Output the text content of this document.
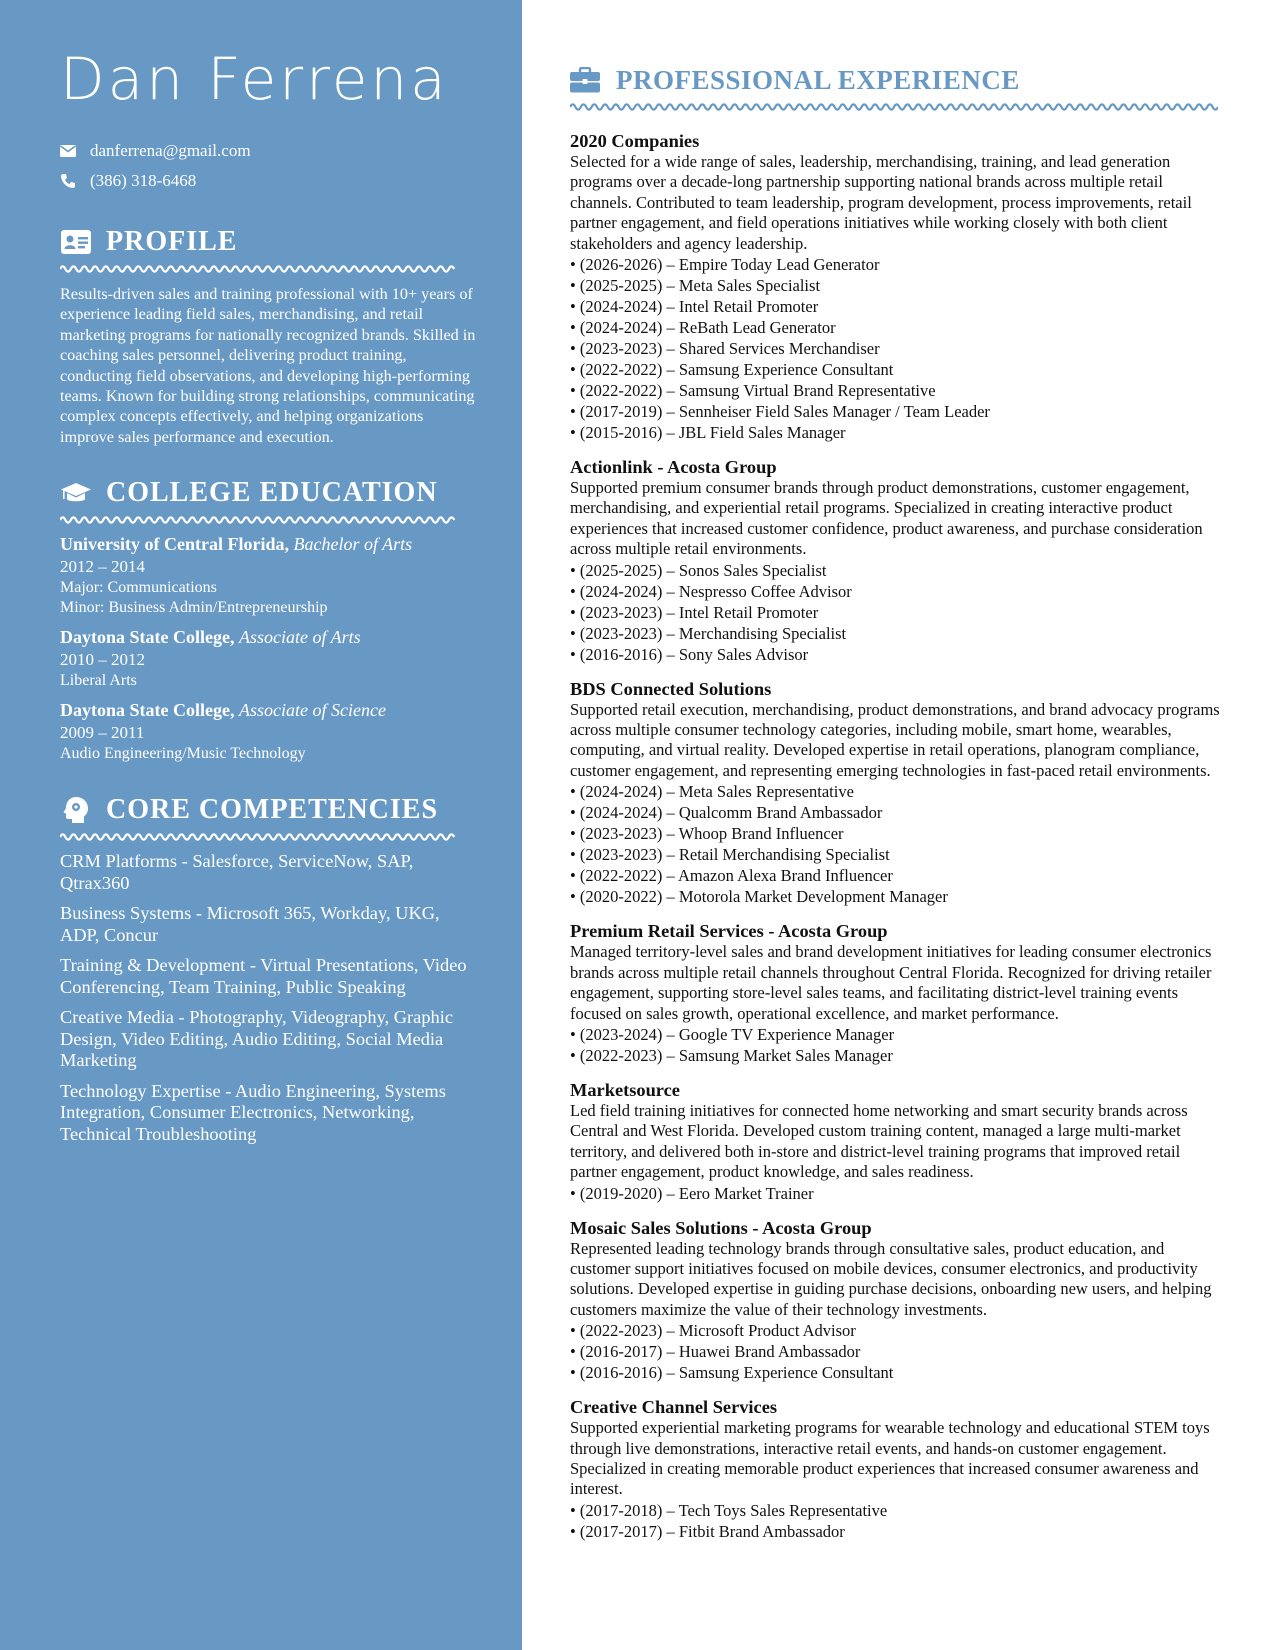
Dan Ferrena
danferrena@gmail.com
(386) 318-6468
PROFILE
Results-driven sales and training professional with 10+ years of experience leading field sales, merchandising, and retail marketing programs for nationally recognized brands. Skilled in coaching sales personnel, delivering product training, conducting field observations, and developing high-performing teams. Known for building strong relationships, communicating complex concepts effectively, and helping organizations improve sales performance and execution.
COLLEGE EDUCATION
University of Central Florida, Bachelor of Arts
2012 – 2014
Major: Communications
Minor: Business Admin/Entrepreneurship
Daytona State College, Associate of Arts
2010 – 2012
Liberal Arts
Daytona State College, Associate of Science
2009 – 2011
Audio Engineering/Music Technology
CORE COMPETENCIES
CRM Platforms - Salesforce, ServiceNow, SAP, Qtrax360
Business Systems - Microsoft 365, Workday, UKG, ADP, Concur
Training & Development - Virtual Presentations, Video Conferencing, Team Training, Public Speaking
Creative Media - Photography, Videography, Graphic Design, Video Editing, Audio Editing, Social Media Marketing
Technology Expertise - Audio Engineering, Systems Integration, Consumer Electronics, Networking, Technical Troubleshooting
PROFESSIONAL EXPERIENCE
2020 Companies
Selected for a wide range of sales, leadership, merchandising, training, and lead generation programs over a decade-long partnership supporting national brands across multiple retail channels. Contributed to team leadership, program development, process improvements, retail partner engagement, and field operations initiatives while working closely with both client stakeholders and agency leadership.
• (2026-2026) – Empire Today Lead Generator
• (2025-2025) – Meta Sales Specialist
• (2024-2024) – Intel Retail Promoter
• (2024-2024) – ReBath Lead Generator
• (2023-2023) – Shared Services Merchandiser
• (2022-2022) – Samsung Experience Consultant
• (2022-2022) – Samsung Virtual Brand Representative
• (2017-2019) – Sennheiser Field Sales Manager / Team Leader
• (2015-2016) – JBL Field Sales Manager
Actionlink - Acosta Group
Supported premium consumer brands through product demonstrations, customer engagement, merchandising, and experiential retail programs. Specialized in creating interactive product experiences that increased customer confidence, product awareness, and purchase consideration across multiple retail environments.
• (2025-2025) – Sonos Sales Specialist
• (2024-2024) – Nespresso Coffee Advisor
• (2023-2023) – Intel Retail Promoter
• (2023-2023) – Merchandising Specialist
• (2016-2016) – Sony Sales Advisor
BDS Connected Solutions
Supported retail execution, merchandising, product demonstrations, and brand advocacy programs across multiple consumer technology categories, including mobile, smart home, wearables, computing, and virtual reality. Developed expertise in retail operations, planogram compliance, customer engagement, and representing emerging technologies in fast-paced retail environments.
• (2024-2024) – Meta Sales Representative
• (2024-2024) – Qualcomm Brand Ambassador
• (2023-2023) – Whoop Brand Influencer
• (2023-2023) – Retail Merchandising Specialist
• (2022-2022) – Amazon Alexa Brand Influencer
• (2020-2022) – Motorola Market Development Manager
Premium Retail Services - Acosta Group
Managed territory-level sales and brand development initiatives for leading consumer electronics brands across multiple retail channels throughout Central Florida. Recognized for driving retailer engagement, supporting store-level sales teams, and facilitating district-level training events focused on sales growth, operational excellence, and market performance.
• (2023-2024) – Google TV Experience Manager
• (2022-2023) – Samsung Market Sales Manager
Marketsource
Led field training initiatives for connected home networking and smart security brands across Central and West Florida. Developed custom training content, managed a large multi-market territory, and delivered both in-store and district-level training programs that improved retail partner engagement, product knowledge, and sales readiness.
• (2019-2020) – Eero Market Trainer
Mosaic Sales Solutions - Acosta Group
Represented leading technology brands through consultative sales, product education, and customer support initiatives focused on mobile devices, consumer electronics, and productivity solutions. Developed expertise in guiding purchase decisions, onboarding new users, and helping customers maximize the value of their technology investments.
• (2022-2023) – Microsoft Product Advisor
• (2016-2017) – Huawei Brand Ambassador
• (2016-2016) – Samsung Experience Consultant
Creative Channel Services
Supported experiential marketing programs for wearable technology and educational STEM toys through live demonstrations, interactive retail events, and hands-on customer engagement. Specialized in creating memorable product experiences that increased consumer awareness and interest.
• (2017-2018) – Tech Toys Sales Representative
• (2017-2017) – Fitbit Brand Ambassador
